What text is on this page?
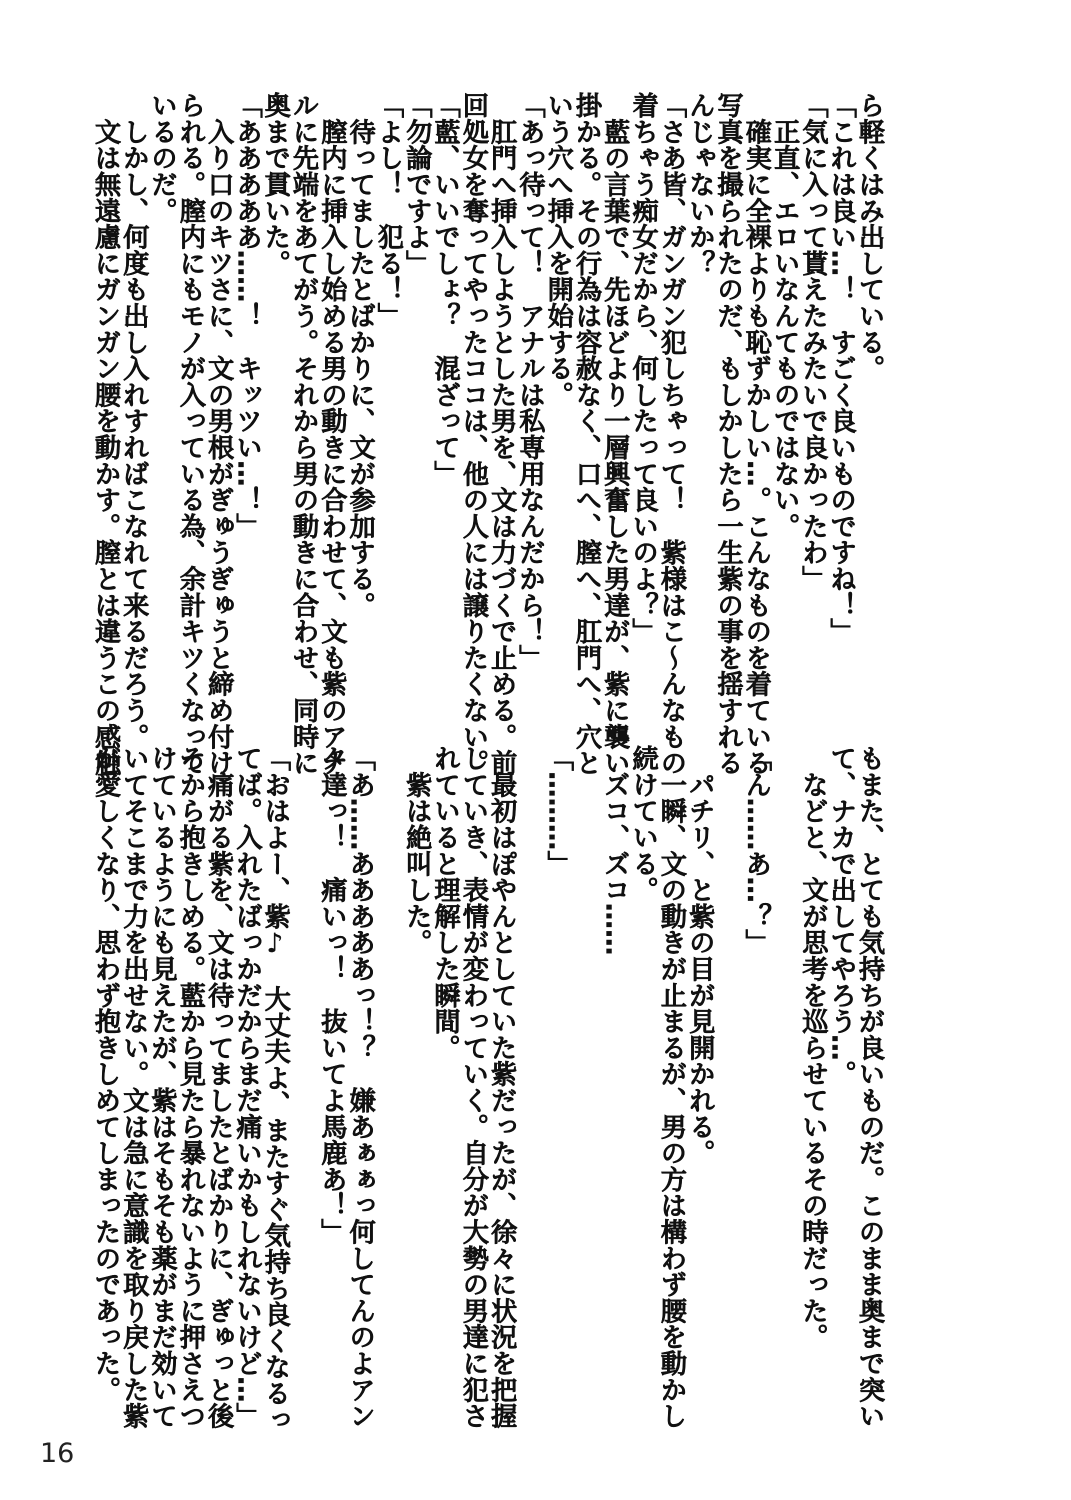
ら軽くはみ出している。
「これは良い…！　すごく良いものですね！」
「気に入って貰えたみたいで良かったわ」
　正直、エロいなんてものではない。
　確実に全裸よりも恥ずかしい…。こんなものを着ている
写真を撮られたのだ、もしかしたら一生紫の事を揺すれる
んじゃないか？
「さあ皆、ガンガン犯しちゃって！　紫様はこ～んなもの
着ちゃう痴女だから、何したって良いのよ？」
　藍の言葉で、先ほどより一層興奮した男達が、紫に襲い
掛かる。その行為は容赦なく、口へ、膣へ、肛門へ、穴と
いう穴へ挿入を開始する。
「あっ待って！　アナルは私専用なんだから！」
　肛門へ挿入しようとした男を、文は力づくで止める。前
回処女を奪ってやったココは、他の人には譲りたくない。
「藍、いいでしょ？　混ざって」
「勿論ですよ」
「よし！　犯る！」
　待ってましたとばかりに、文が参加する。
　膣内に挿入し始める男の動きに合わせて、文も紫のアナ
ルに先端をあてがう。それから男の動きに合わせ、同時に
奥まで貫いた。
「あああああ……！　キッツい…！」
　入り口のキツさに、文の男根がぎゅうぎゅうと締め付け
られる。膣内にもモノが入っている為、余計キツくなって
いるのだ。
　しかし、何度も出し入れすればこなれて来るだろう。
　文は無遠慮にガンガン腰を動かす。膣とは違うこの感触
もまた、とても気持ちが良いものだ。このまま奥まで突い
て、ナカで出してやろう…。
　などと、文が思考を巡らせているその時だった。

「ん……あ…？」

　パチリ、と紫の目が見開かれる。
　一瞬、文の動きが止まるが、男の方は構わず腰を動かし
続けている。
　ズコ、ズコ……

「………」

　最初はぽやんとしていた紫だったが、徐々に状況を把握
していき、表情が変わっていく。自分が大勢の男達に犯さ
れていると理解した瞬間。
　紫は絶叫した。

「あ……あああああっ！？　嫌あぁぁっ何してんのよアン
タ達っ！　痛いっ！　抜いてよ馬鹿あ！」

「おはよー、紫♪　大丈夫よ、またすぐ気持ち良くなるっ
てば。入れたばっかだからまだ痛いかもしれないけど…」
　痛がる紫を、文は待ってましたとばかりに、ぎゅっと後
ろから抱きしめる。藍から見たら暴れないように押さえつ
けているようにも見えたが、紫はそもそも薬がまだ効いて
いてそこまで力を出せない。文は急に意識を取り戻した紫
が愛しくなり、思わず抱きしめてしまったのであった。
16
